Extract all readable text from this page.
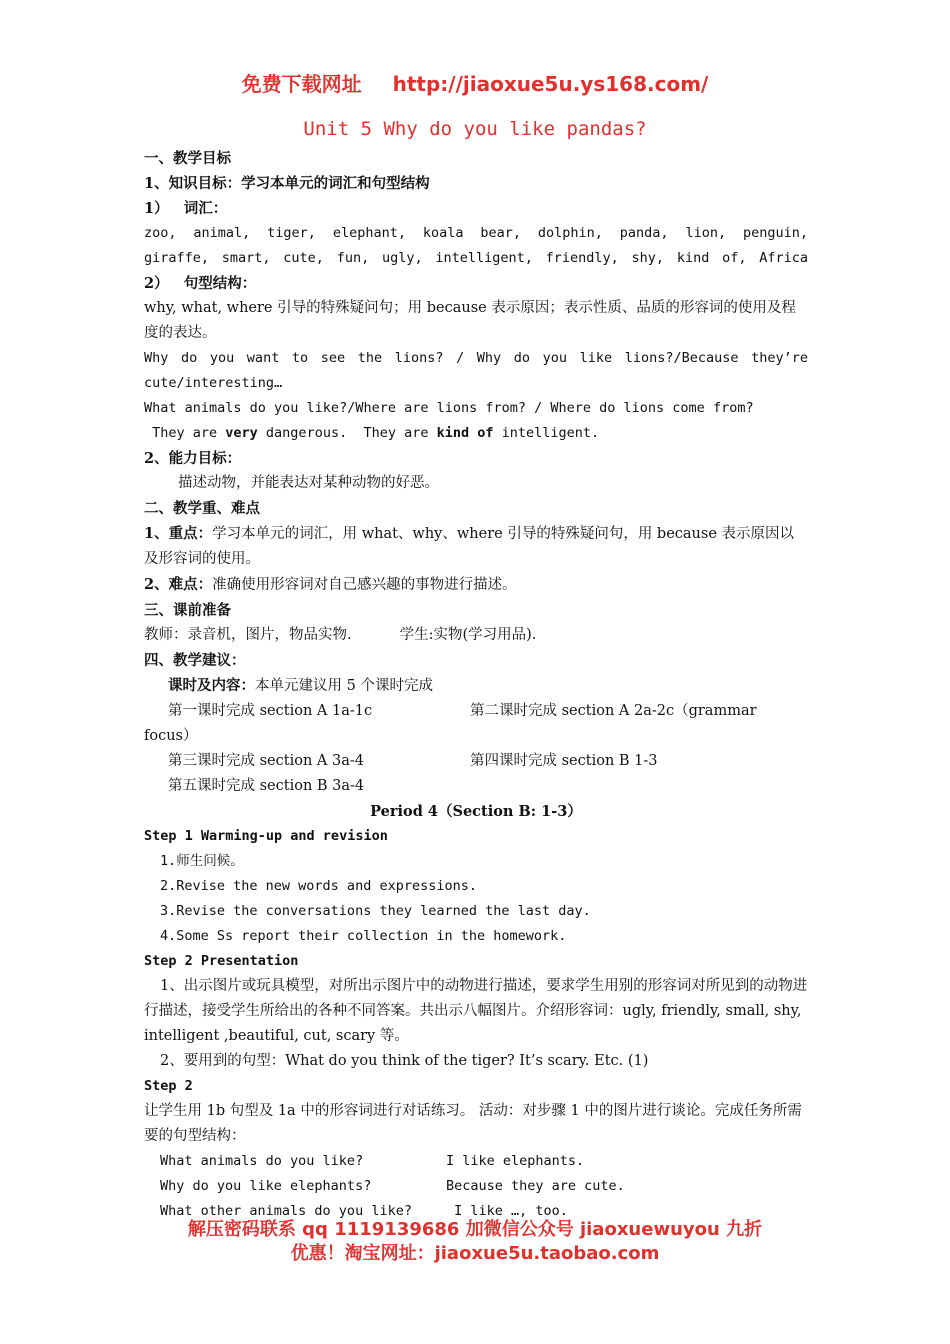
免费下载网址 http://jiaoxue5u.ys168.com/
Unit 5 Why do you like pandas?

一、教学目标

1、知识目标：学习本单元的词汇和句型结构

1）   词汇：

zoo, animal, tiger, elephant, koala bear, dolphin, panda, lion, penguin,

giraffe, smart, cute, fun, ugly, intelligent, friendly, shy, kind of, Africa

2）   句型结构：

why, what, where 引导的特殊疑问句；用 because 表示原因；表示性质、品质的形容词的使用及程度的表达。

Why do you want to see the lions? / Why do you like lions?/Because they’re

cute/interesting…

What animals do you like?/Where are lions from? / Where do lions come from?

They are very dangerous.  They are kind of intelligent.

2、能力目标：

描述动物，并能表达对某种动物的好恶。

二、教学重、难点

1、重点：学习本单元的词汇，用 what、why、where 引导的特殊疑问句，用 because 表示原因以及形容词的使用。

2、难点：准确使用形容词对自己感兴趣的事物进行描述。

三、课前准备

教师：录音机，图片，物品实物.	学生:实物(学习用品).

四、教学建议：

课时及内容：本单元建议用 5 个课时完成

第一课时完成 section A 1a-1c	第二课时完成 section A 2a-2c（grammar

focus）

第三课时完成 section A 3a-4	第四课时完成 section B 1-3

第五课时完成 section B 3a-4

Period 4（Section B: 1-3）

Step 1 Warming-up and revision

1.师生问候。

2.Revise the new words and expressions.

3.Revise the conversations they learned the last day.

4.Some Ss report their collection in the homework.

Step 2 Presentation

1、出示图片或玩具模型，对所出示图片中的动物进行描述，要求学生用别的形容词对所见到的动物进行描述，接受学生所给出的各种不同答案。共出示八幅图片。介绍形容词：ugly, friendly, small, shy, intelligent ,beautiful, cut, scary 等。

2、要用到的句型：What do you think of the tiger? It’s scary. Etc. (1)

Step 2

让学生用 1b 句型及 1a 中的形容词进行对话练习。 活动：对步骤 1 中的图片进行谈论。完成任务所需要的句型结构：

What animals do you like?	I like elephants.
Why do you like elephants?	Because they are cute.
What other animals do you like?	I like …, too.
解压密码联系 qq 1119139686 加微信公众号 jiaoxuewuyou 九折
优惠！淘宝网址：jiaoxue5u.taobao.com
